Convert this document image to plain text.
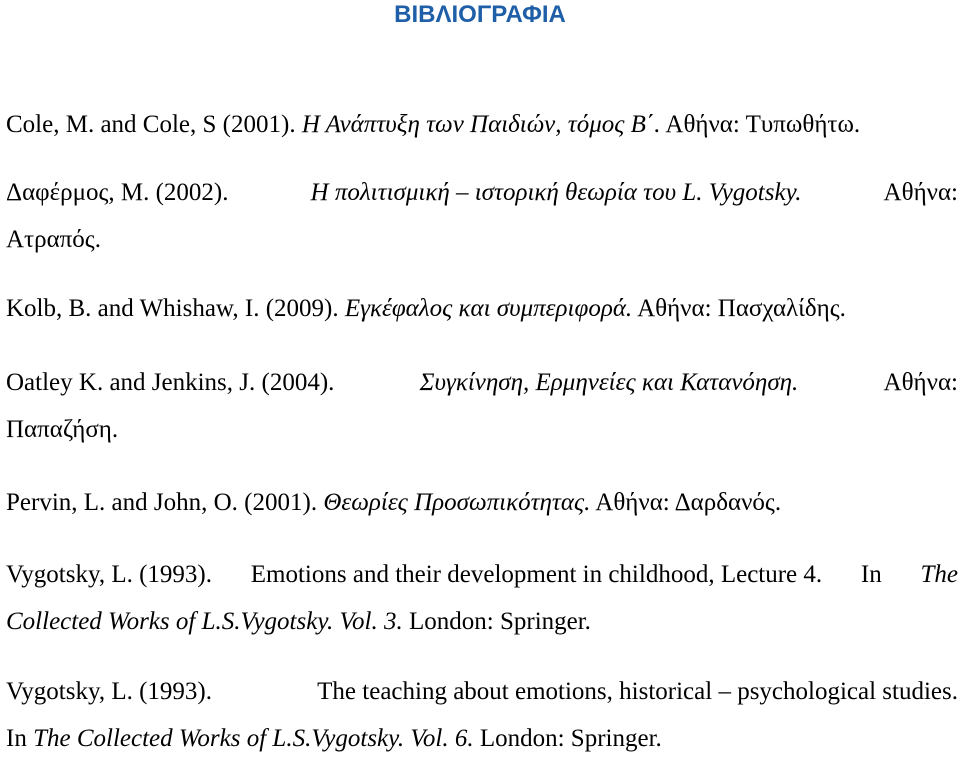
ΒΙΒΛΙΟΓΡΑΦΙΑ
Cole, M. and Cole, S (2001). Η Ανάπτυξη των Παιδιών, τόμος Β΄. Αθήνα: Τυπωθήτω.
Δαφέρμος, Μ. (2002).	Η πολιτισμική – ιστορική θεωρία του L. Vygotsky.	Αθήνα:
Ατραπός.
Kolb, B. and Whishaw, I. (2009). Εγκέφαλος και συμπεριφορά. Αθήνα: Πασχαλίδης.
Oatley K. and Jenkins, J. (2004).	Συγκίνηση, Ερμηνείες και Κατανόηση.	Αθήνα:
Παπαζήση.
Pervin, L. and John, O. (2001). Θεωρίες Προσωπικότητας. Αθήνα: Δαρδανός.
Vygotsky, L. (1993). Emotions and their development in childhood, Lecture 4. In The
Collected Works of L.S.Vygotsky. Vol. 3. London: Springer.
Vygotsky, L. (1993).	The teaching about emotions, historical – psychological studies.
In The Collected Works of L.S.Vygotsky. Vol. 6. London: Springer.
